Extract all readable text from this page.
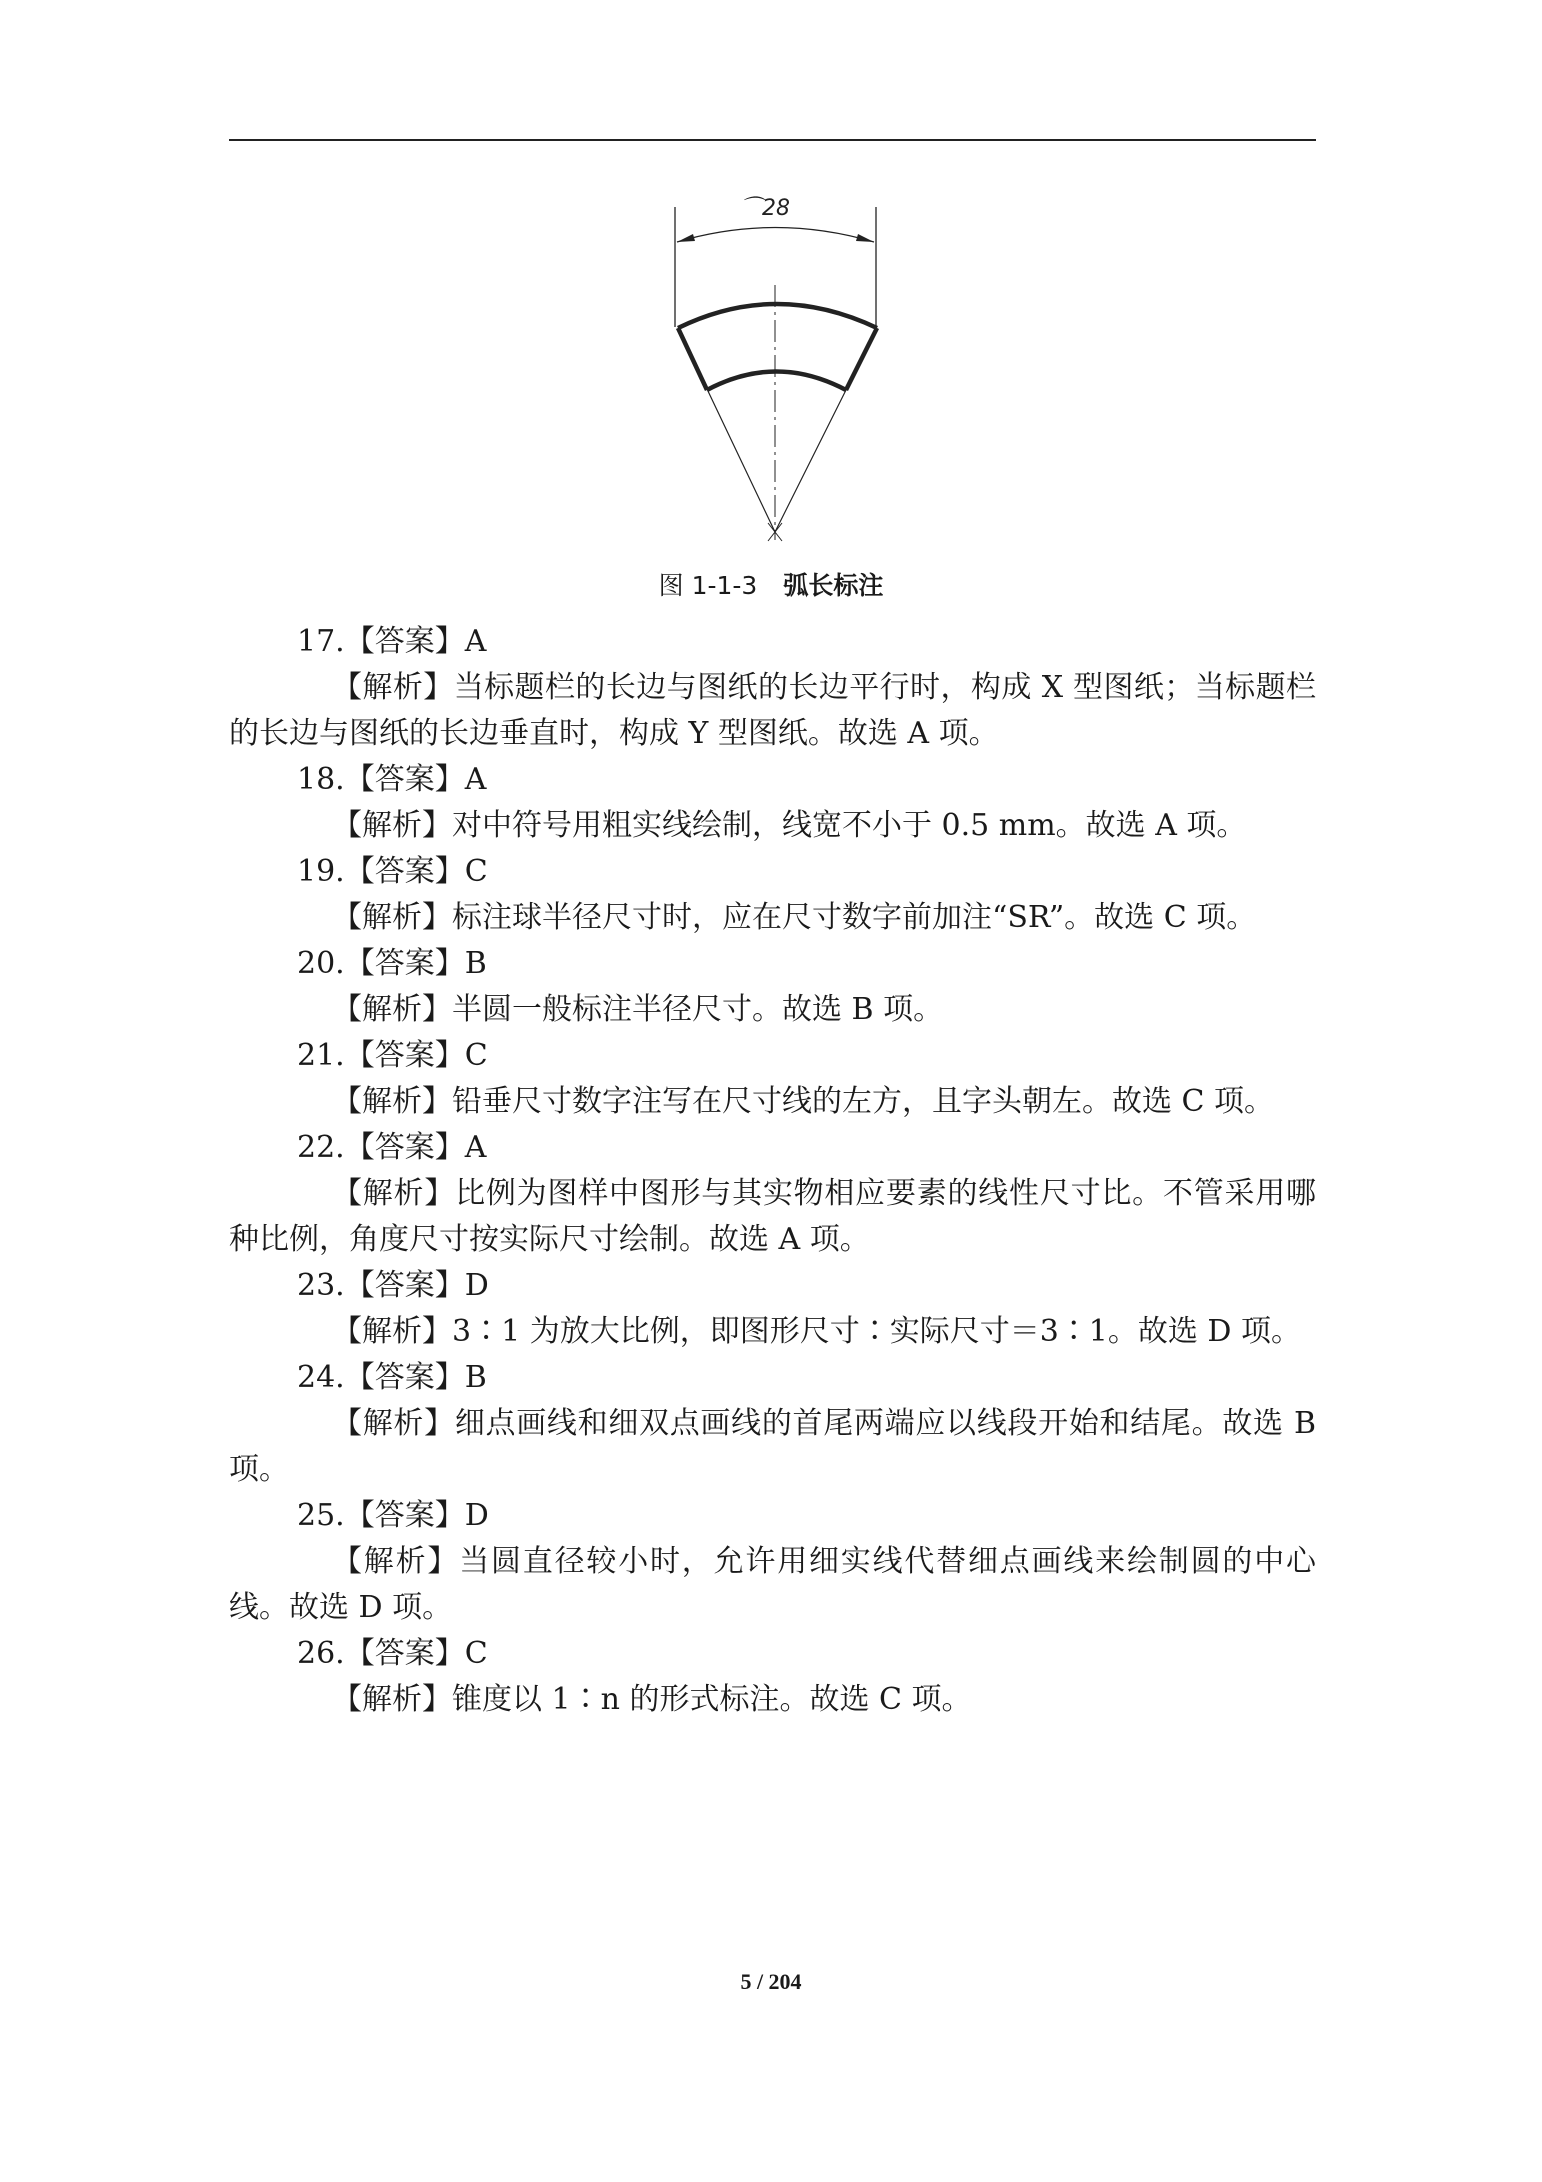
⌒28
图 1-1-3 弧长标注
17.【答案】A
【解析】当标题栏的长边与图纸的长边平行时，构成 X 型图纸；当标题栏的长边与图纸的长边垂直时，构成 Y 型图纸。故选 A 项。
18.【答案】A
【解析】对中符号用粗实线绘制，线宽不小于 0.5 mm。故选 A 项。
19.【答案】C
【解析】标注球半径尺寸时，应在尺寸数字前加注“SR”。故选 C 项。
20.【答案】B
【解析】半圆一般标注半径尺寸。故选 B 项。
21.【答案】C
【解析】铅垂尺寸数字注写在尺寸线的左方，且字头朝左。故选 C 项。
22.【答案】A
【解析】比例为图样中图形与其实物相应要素的线性尺寸比。不管采用哪种比例，角度尺寸按实际尺寸绘制。故选 A 项。
23.【答案】D
【解析】3∶1 为放大比例，即图形尺寸∶实际尺寸＝3∶1。故选 D 项。
24.【答案】B
【解析】细点画线和细双点画线的首尾两端应以线段开始和结尾。故选 B 项。
25.【答案】D
【解析】当圆直径较小时，允许用细实线代替细点画线来绘制圆的中心线。故选 D 项。
26.【答案】C
【解析】锥度以 1∶n 的形式标注。故选 C 项。
5 / 204
